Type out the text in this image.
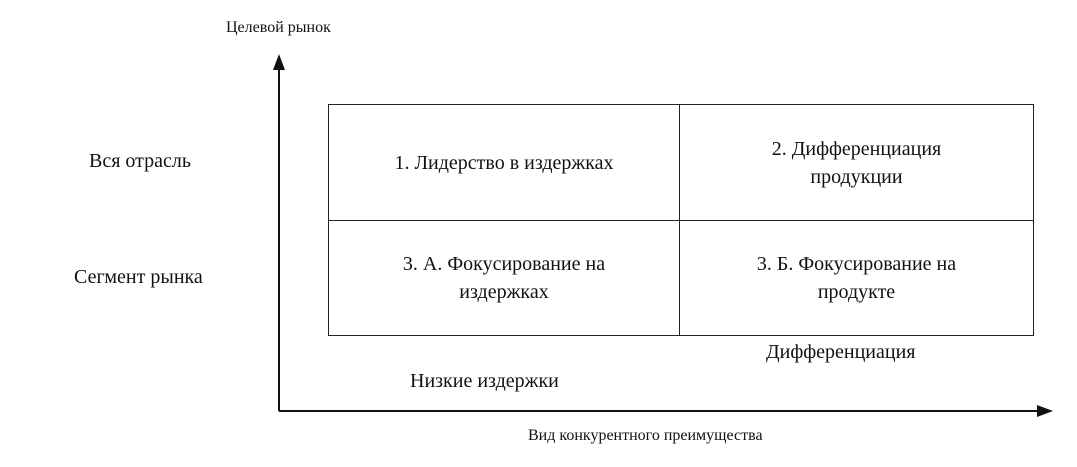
Целевой рынок
Вид конкурентного преимущества
Вся отрасль
Сегмент рынка
1. Лидерство в издержках
2. Дифференциация
продукции
3. А. Фокусирование на
издержках
3. Б. Фокусирование на
продукте
Низкие издержки
Дифференциация
